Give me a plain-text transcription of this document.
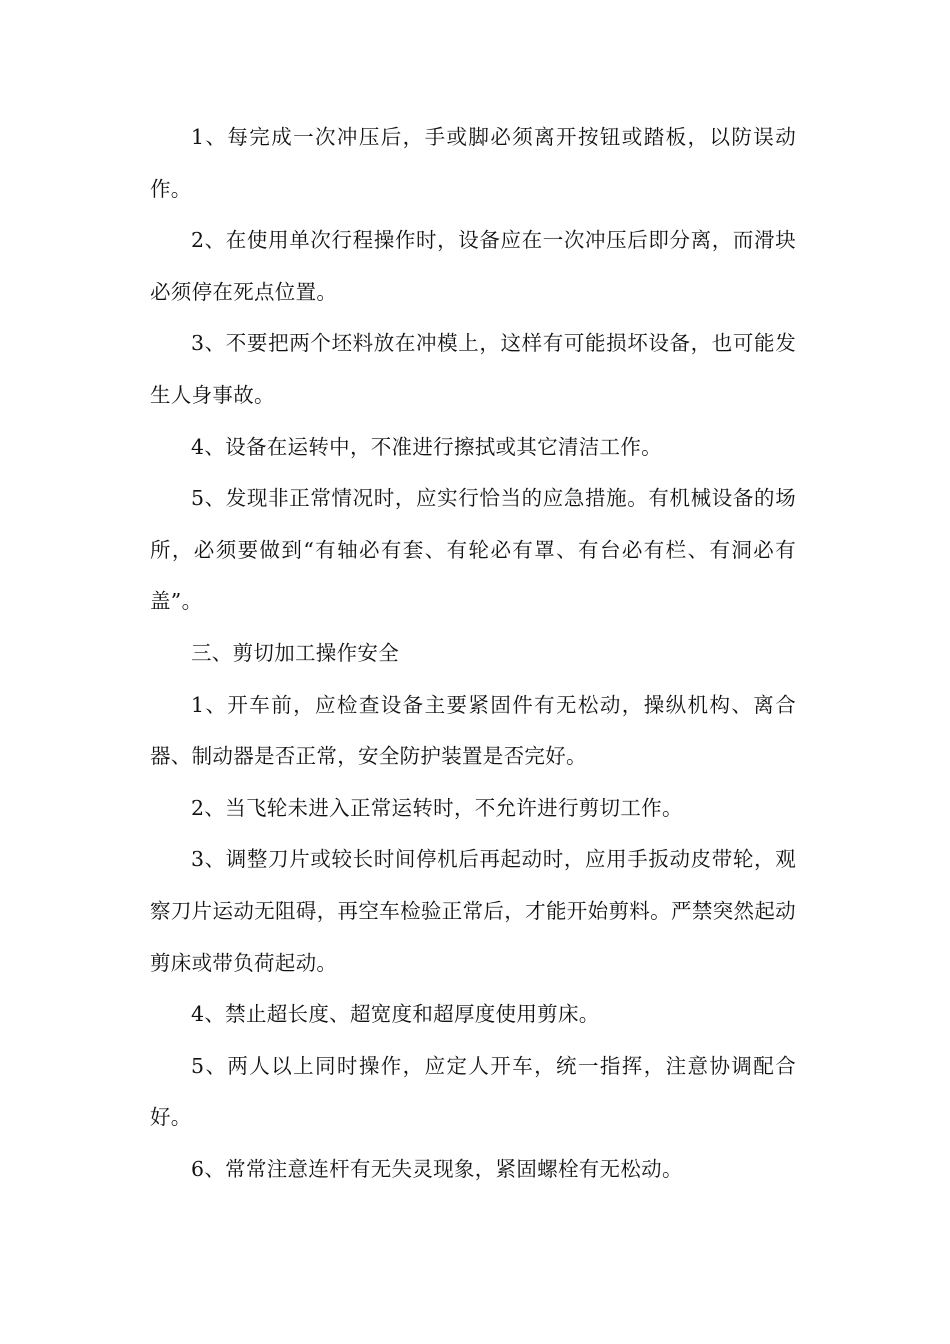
1、每完成一次冲压后，手或脚必须离开按钮或踏板，以防误动作。

2、在使用单次行程操作时，设备应在一次冲压后即分离，而滑块必须停在死点位置。

3、不要把两个坯料放在冲模上，这样有可能损坏设备，也可能发生人身事故。

4、设备在运转中，不准进行擦拭或其它清洁工作。

5、发现非正常情况时，应实行恰当的应急措施。有机械设备的场所，必须要做到“有轴必有套、有轮必有罩、有台必有栏、有洞必有盖”。

三、剪切加工操作安全

1、开车前，应检查设备主要紧固件有无松动，操纵机构、离合器、制动器是否正常，安全防护装置是否完好。

2、当飞轮未进入正常运转时，不允许进行剪切工作。

3、调整刀片或较长时间停机后再起动时，应用手扳动皮带轮，观察刀片运动无阻碍，再空车检验正常后，才能开始剪料。严禁突然起动剪床或带负荷起动。

4、禁止超长度、超宽度和超厚度使用剪床。

5、两人以上同时操作，应定人开车，统一指挥，注意协调配合好。

6、常常注意连杆有无失灵现象，紧固螺栓有无松动。
